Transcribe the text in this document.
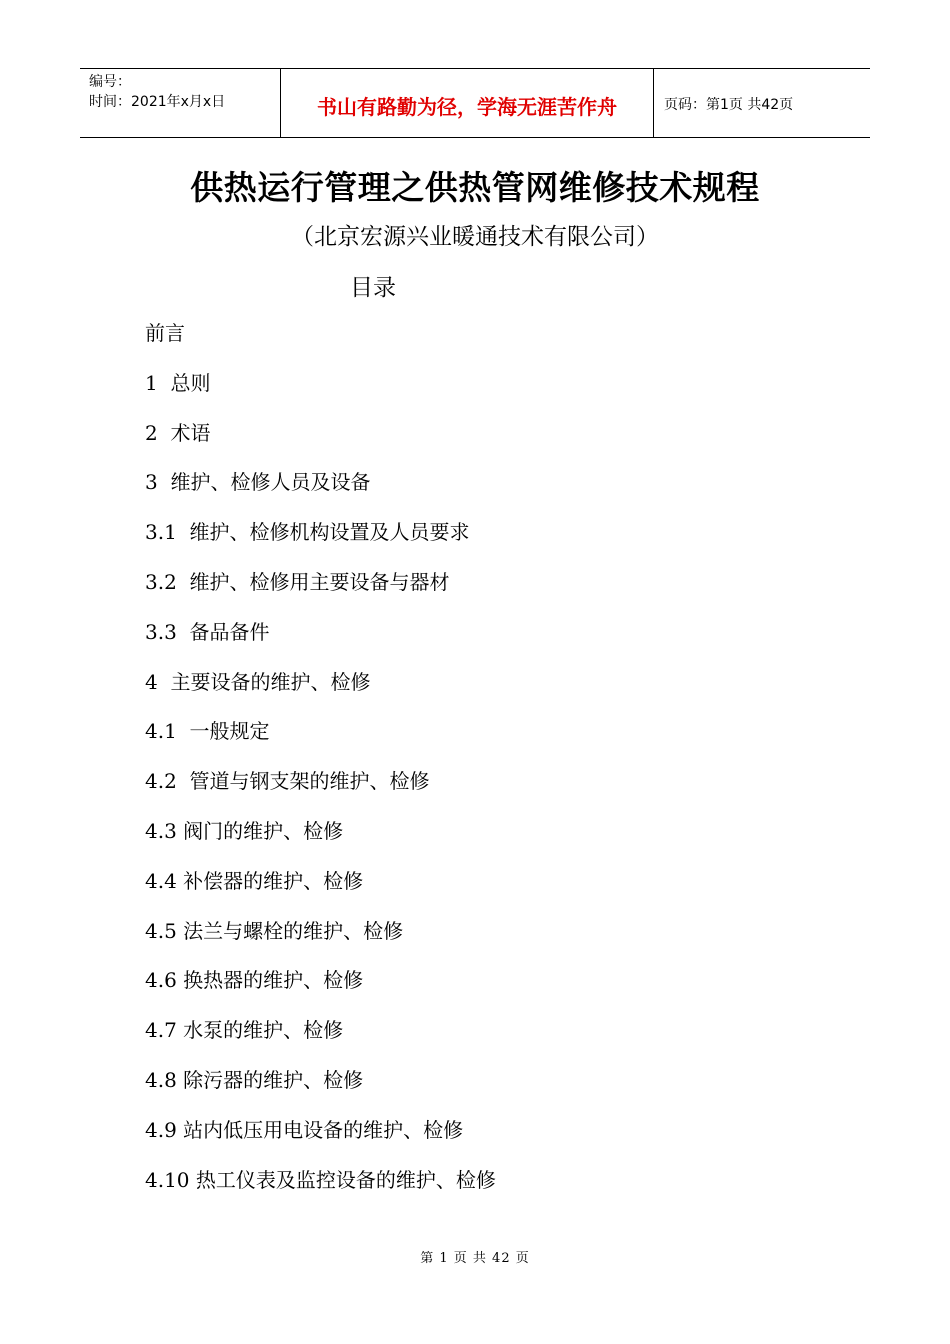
编号：
时间：2021年x月x日	书山有路勤为径，学海无涯苦作舟	页码：第1页 共42页
供热运行管理之供热管网维修技术规程
（北京宏源兴业暖通技术有限公司）
目录
前言
1  总则
2  术语
3  维护、检修人员及设备
3.1  维护、检修机构设置及人员要求
3.2  维护、检修用主要设备与器材
3.3  备品备件
4  主要设备的维护、检修
4.1  一般规定
4.2  管道与钢支架的维护、检修
4.3 阀门的维护、检修
4.4 补偿器的维护、检修
4.5 法兰与螺栓的维护、检修
4.6 换热器的维护、检修
4.7 水泵的维护、检修
4.8 除污器的维护、检修
4.9 站内低压用电设备的维护、检修
4.10 热工仪表及监控设备的维护、检修
第 1 页 共 42 页
